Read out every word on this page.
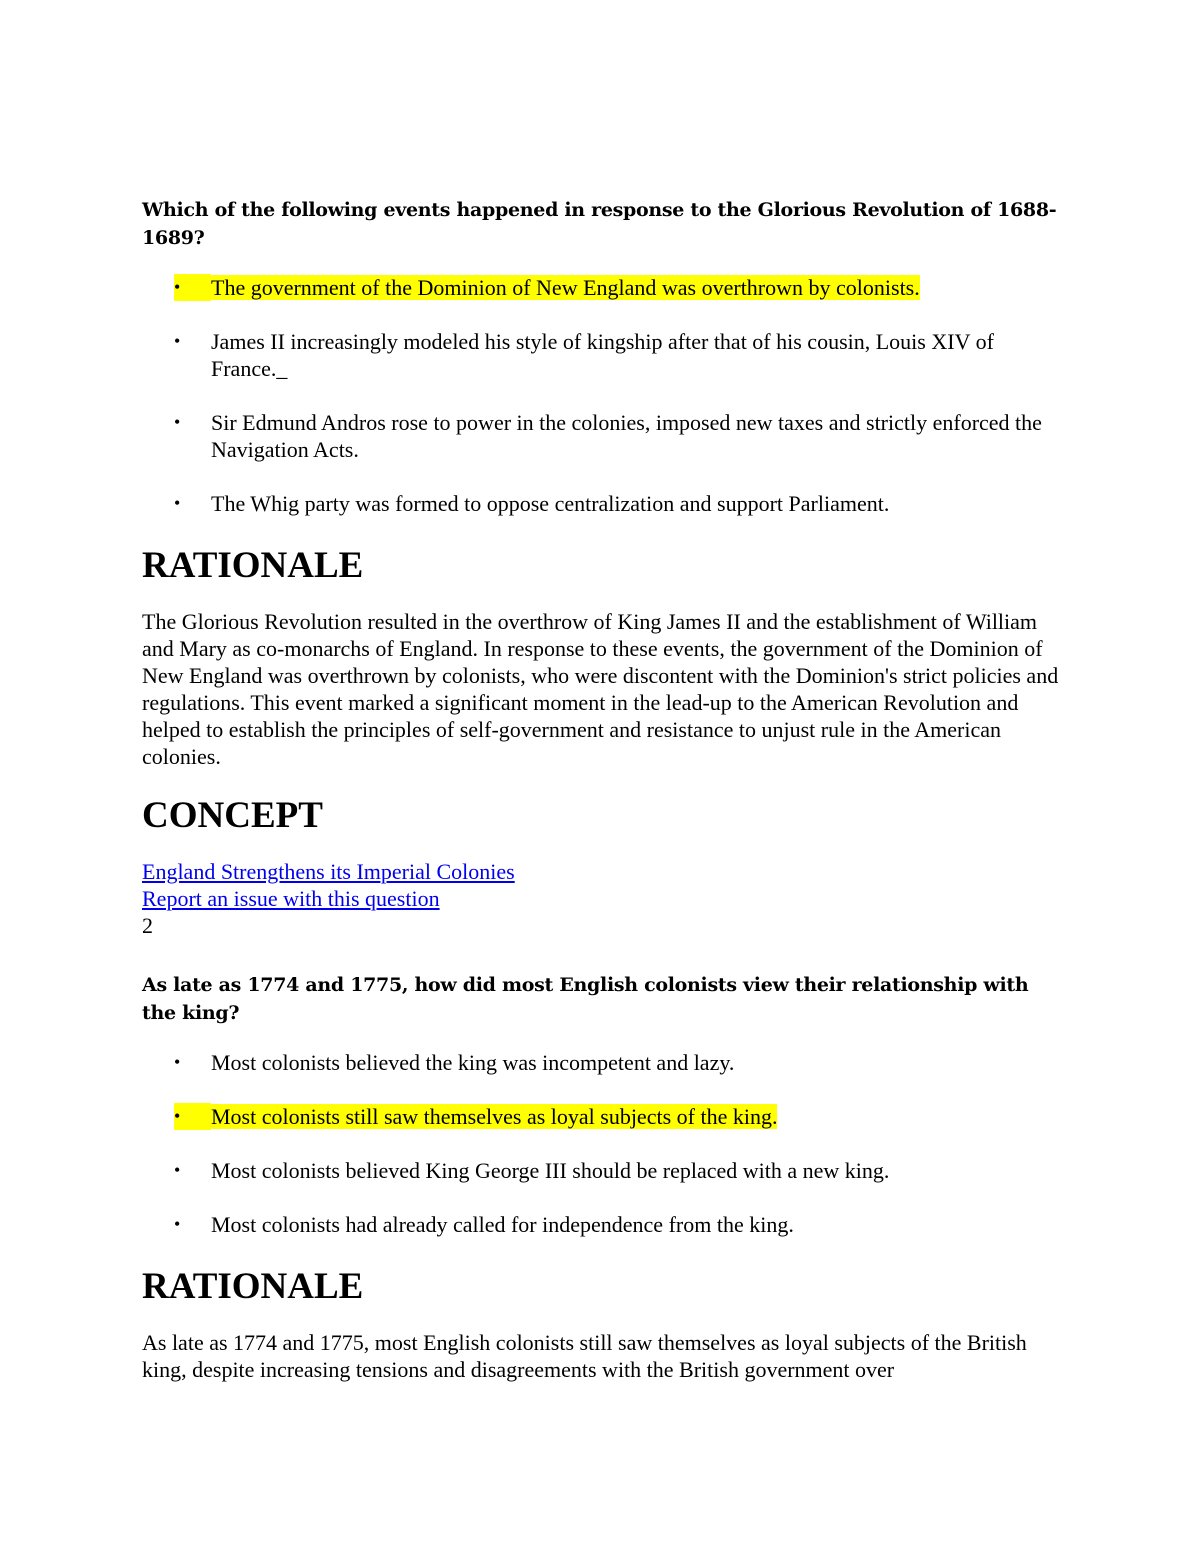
Which of the following events happened in response to the Glorious Revolution of 1688-1689?

•	The government of the Dominion of New England was overthrown by colonists.
•	James II increasingly modeled his style of kingship after that of his cousin, Louis XIV of France._
•	Sir Edmund Andros rose to power in the colonies, imposed new taxes and strictly enforced the Navigation Acts.
•	The Whig party was formed to oppose centralization and support Parliament.
RATIONALE

The Glorious Revolution resulted in the overthrow of King James II and the establishment of William and Mary as co-monarchs of England. In response to these events, the government of the Dominion of New England was overthrown by colonists, who were discontent with the Dominion's strict policies and regulations. This event marked a significant moment in the lead-up to the American Revolution and helped to establish the principles of self-government and resistance to unjust rule in the American colonies.

CONCEPT
England Strengthens its Imperial Colonies
Report an issue with this question
2

As late as 1774 and 1775, how did most English colonists view their relationship with the king?

•	Most colonists believed the king was incompetent and lazy.
•	Most colonists still saw themselves as loyal subjects of the king.
•	Most colonists believed King George III should be replaced with a new king.
•	Most colonists had already called for independence from the king.
RATIONALE

As late as 1774 and 1775, most English colonists still saw themselves as loyal subjects of the British king, despite increasing tensions and disagreements with the British government over
